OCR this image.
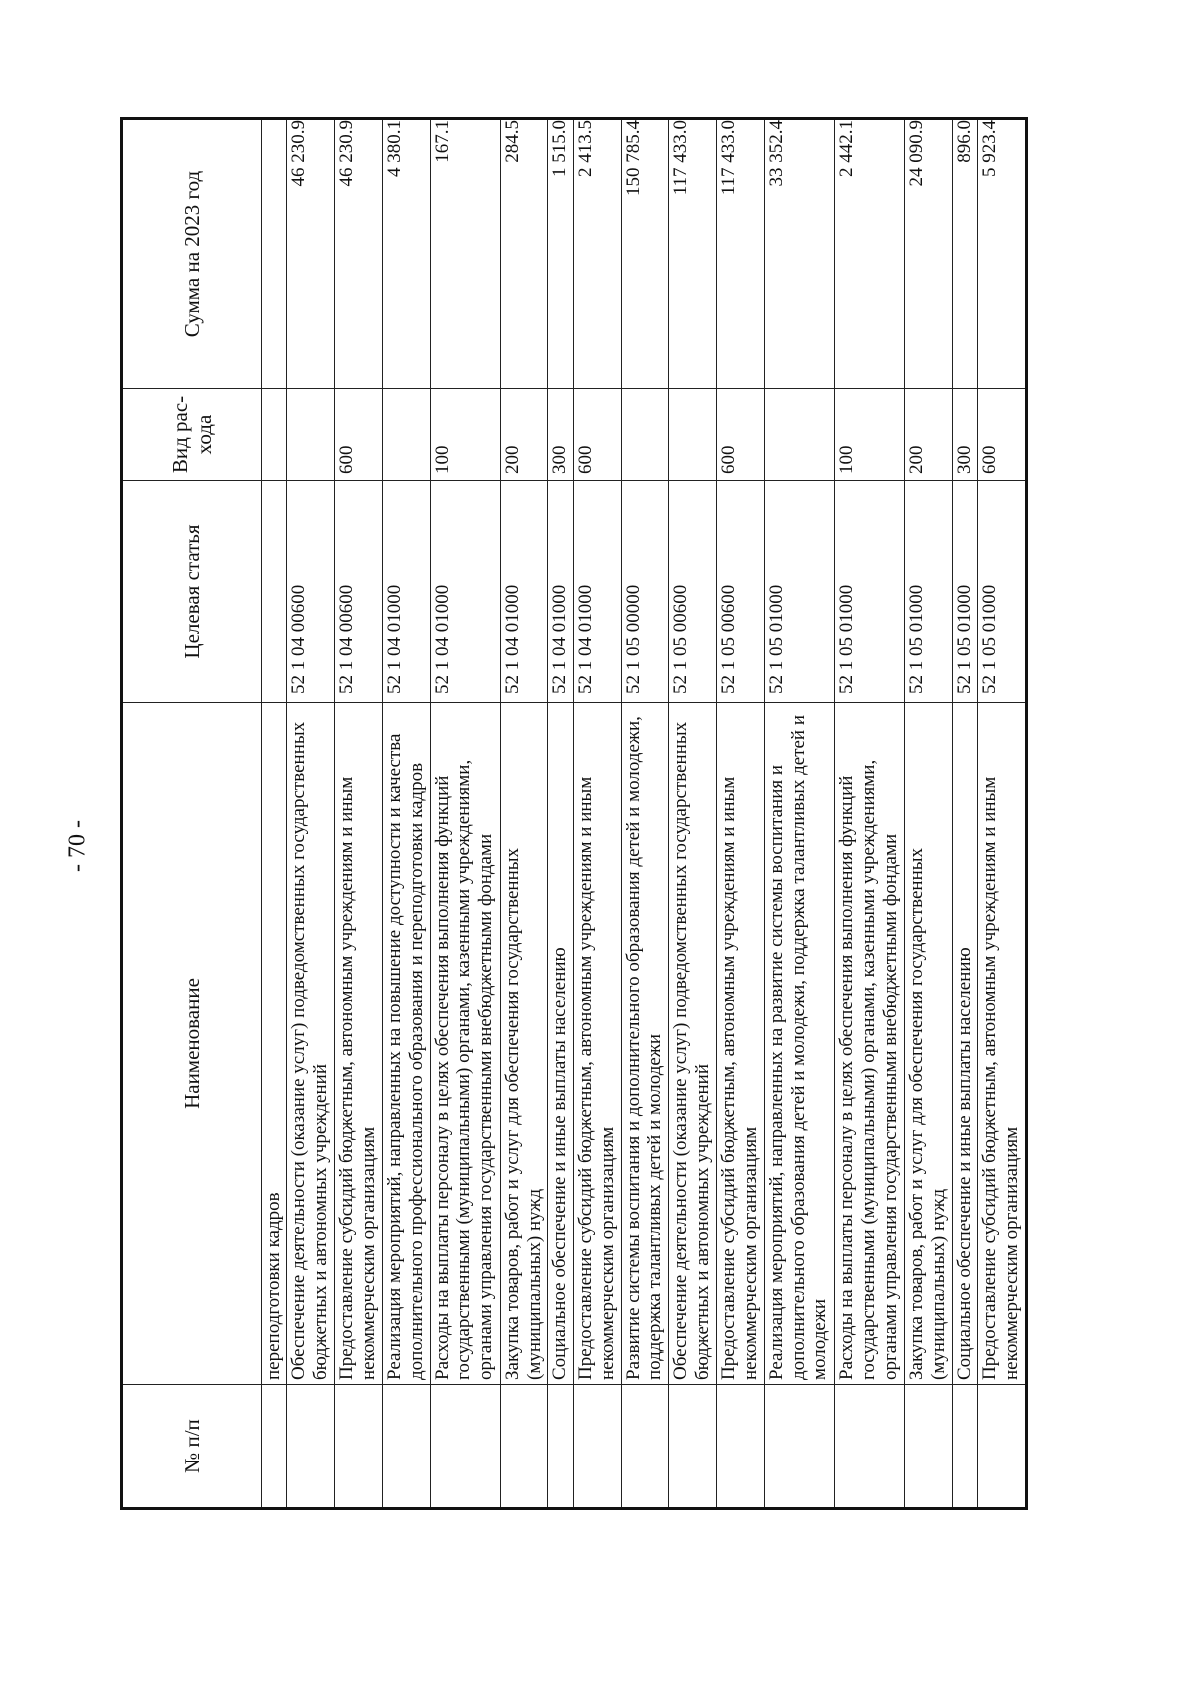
- 70 -
№ п/п	Наименование	Целевая статья	Вид рас- хода	Сумма на 2023 год
	переподготовки кадров			
	Обеспечение деятельности (оказание услуг) подведомственных государственных бюджетных и автономных учреждений	52 1 04 00600		46 230.9
	Предоставление субсидий бюджетным, автономным учреждениям и иным некоммерческим организациям	52 1 04 00600	600	46 230.9
	Реализация мероприятий, направленных на повышение доступности и качества дополнительного профессионального образования и переподготовки кадров	52 1 04 01000		4 380.1
	Расходы на выплаты персоналу в целях обеспечения выполнения функций государственными (муниципальными) органами, казенными учреждениями, органами управления государственными внебюджетными фондами	52 1 04 01000	100	167.1
	Закупка товаров, работ и услуг для обеспечения государственных (муниципальных) нужд	52 1 04 01000	200	284.5
	Социальное обеспечение и иные выплаты населению	52 1 04 01000	300	1 515.0
	Предоставление субсидий бюджетным, автономным учреждениям и иным некоммерческим организациям	52 1 04 01000	600	2 413.5
	Развитие системы воспитания и дополнительного образования детей и молодежи, поддержка талантливых детей и молодежи	52 1 05 00000		150 785.4
	Обеспечение деятельности (оказание услуг) подведомственных государственных бюджетных и автономных учреждений	52 1 05 00600		117 433.0
	Предоставление субсидий бюджетным, автономным учреждениям и иным некоммерческим организациям	52 1 05 00600	600	117 433.0
	Реализация мероприятий, направленных на развитие системы воспитания и дополнительного образования детей и молодежи, поддержка талантливых детей и молодежи	52 1 05 01000		33 352.4
	Расходы на выплаты персоналу в целях обеспечения выполнения функций государственными (муниципальными) органами, казенными учреждениями, органами управления государственными внебюджетными фондами	52 1 05 01000	100	2 442.1
	Закупка товаров, работ и услуг для обеспечения государственных (муниципальных) нужд	52 1 05 01000	200	24 090.9
	Социальное обеспечение и иные выплаты населению	52 1 05 01000	300	896.0
	Предоставление субсидий бюджетным, автономным учреждениям и иным некоммерческим организациям	52 1 05 01000	600	5 923.4
